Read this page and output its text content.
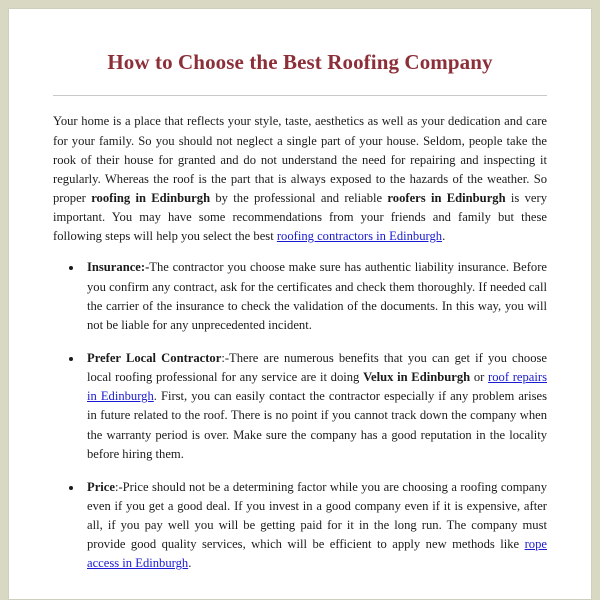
How to Choose the Best Roofing Company

Your home is a place that reflects your style, taste, aesthetics as well as your dedication and care for your family. So you should not neglect a single part of your house. Seldom, people take the rook of their house for granted and do not understand the need for repairing and inspecting it regularly. Whereas the roof is the part that is always exposed to the hazards of the weather. So proper roofing in Edinburgh by the professional and reliable roofers in Edinburgh is very important. You may have some recommendations from your friends and family but these following steps will help you select the best roofing contractors in Edinburgh.

• Insurance:-The contractor you choose make sure has authentic liability insurance. Before you confirm any contract, ask for the certificates and check them thoroughly. If needed call the carrier of the insurance to check the validation of the documents. In this way, you will not be liable for any unprecedented incident.
• Prefer Local Contractor:-There are numerous benefits that you can get if you choose local roofing professional for any service are it doing Velux in Edinburgh or roof repairs in Edinburgh. First, you can easily contact the contractor especially if any problem arises in future related to the roof. There is no point if you cannot track down the company when the warranty period is over. Make sure the company has a good reputation in the locality before hiring them.
• Price:-Price should not be a determining factor while you are choosing a roofing company even if you get a good deal. If you invest in a good company even if it is expensive, after all, if you pay well you will be getting paid for it in the long run. The company must provide good quality services, which will be efficient to apply new methods like rope access in Edinburgh.
